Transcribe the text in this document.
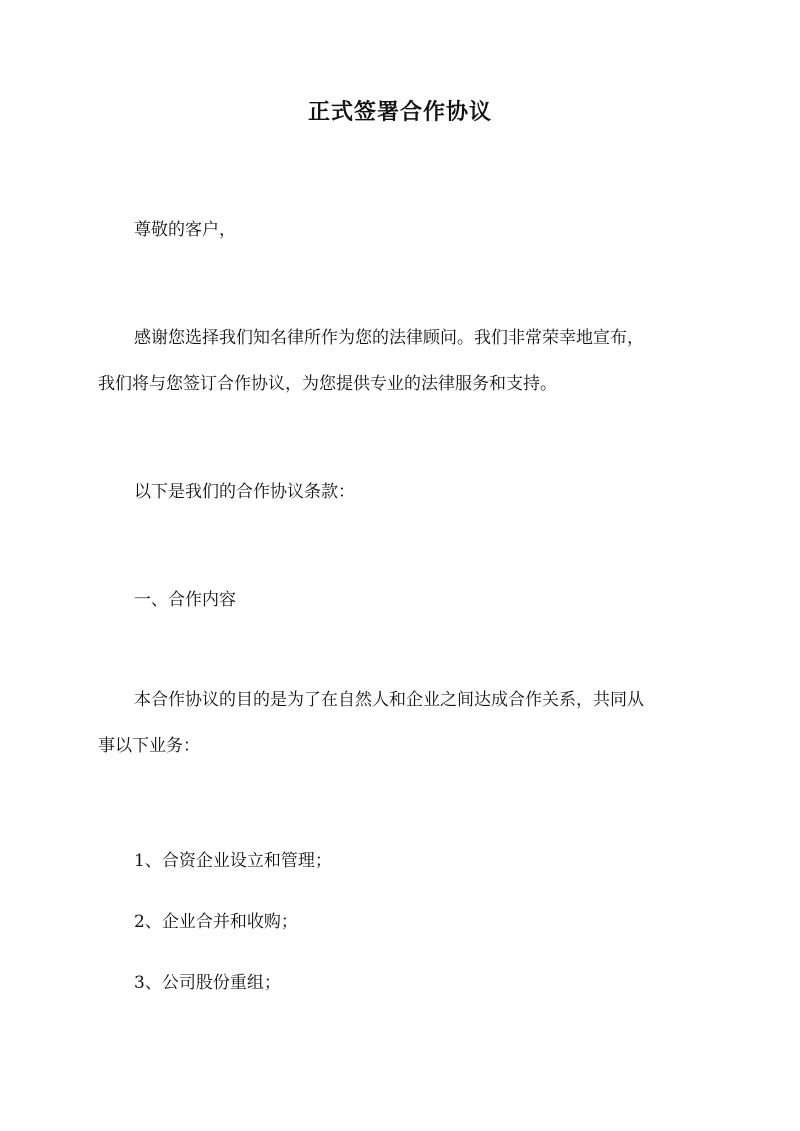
正式签署合作协议
尊敬的客户，
感谢您选择我们知名律所作为您的法律顾问。我们非常荣幸地宣布，
我们将与您签订合作协议，为您提供专业的法律服务和支持。
以下是我们的合作协议条款：
一、合作内容
本合作协议的目的是为了在自然人和企业之间达成合作关系，共同从
事以下业务：
1、合资企业设立和管理；
2、企业合并和收购；
3、公司股份重组；
